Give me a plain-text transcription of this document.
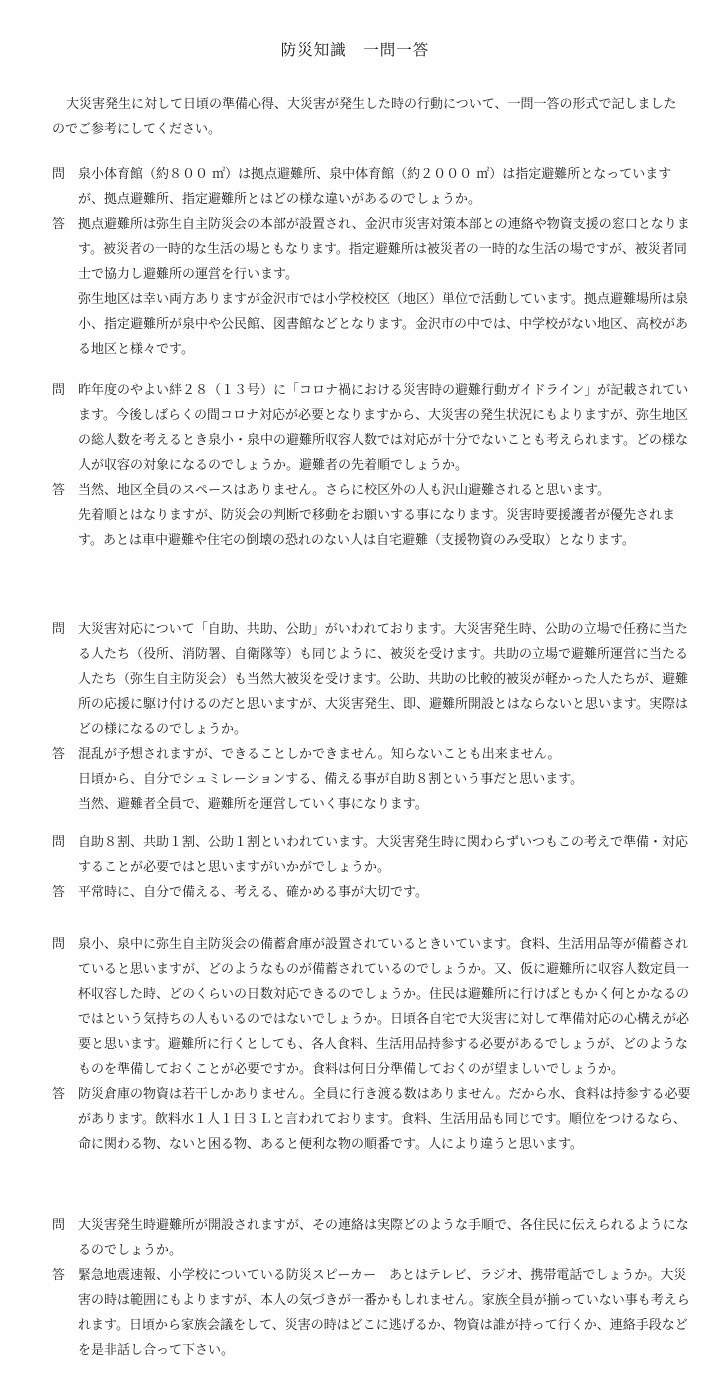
防災知識　一問一答
大災害発生に対して日頃の準備心得、大災害が発生した時の行動について、一問一答の形式で記しましたのでご参考にしてください。
問 泉小体育館（約８００ ㎡）は拠点避難所、泉中体育館（約２０００ ㎡）は指定避難所となっていますが、拠点避難所、指定避難所とはどの様な違いがあるのでしょうか。
答 拠点避難所は弥生自主防災会の本部が設置され、金沢市災害対策本部との連絡や物資支援の窓口となります。被災者の一時的な生活の場ともなります。指定避難所は被災者の一時的な生活の場ですが、被災者同士で協力し避難所の運営を行います。
弥生地区は幸い両方ありますが金沢市では小学校校区（地区）単位で活動しています。拠点避難場所は泉小、指定避難所が泉中や公民館、図書館などとなります。金沢市の中では、中学校がない地区、高校がある地区と様々です。
問 昨年度のやよい絆２８（１３号）に「コロナ禍における災害時の避難行動ガイドライン」が記載されています。今後しばらくの間コロナ対応が必要となりますから、大災害の発生状況にもよりますが、弥生地区の総人数を考えるとき泉小・泉中の避難所収容人数では対応が十分でないことも考えられます。どの様な人が収容の対象になるのでしょうか。避難者の先着順でしょうか。
答 当然、地区全員のスペースはありません。さらに校区外の人も沢山避難されると思います。
先着順とはなりますが、防災会の判断で移動をお願いする事になります。災害時要援護者が優先されます。あとは車中避難や住宅の倒壊の恐れのない人は自宅避難（支援物資のみ受取）となります。
問 大災害対応について「自助、共助、公助」がいわれております。大災害発生時、公助の立場で任務に当たる人たち（役所、消防署、自衛隊等）も同じように、被災を受けます。共助の立場で避難所運営に当たる人たち（弥生自主防災会）も当然大被災を受けます。公助、共助の比較的被災が軽かった人たちが、避難所の応援に駆け付けるのだと思いますが、大災害発生、即、避難所開設とはならないと思います。実際はどの様になるのでしょうか。
答 混乱が予想されますが、できることしかできません。知らないことも出来ません。
日頃から、自分でシュミレーションする、備える事が自助８割という事だと思います。
当然、避難者全員で、避難所を運営していく事になります。
問 自助８割、共助１割、公助１割といわれています。大災害発生時に関わらずいつもこの考えで準備・対応することが必要ではと思いますがいかがでしょうか。
答 平常時に、自分で備える、考える、確かめる事が大切です。
問 泉小、泉中に弥生自主防災会の備蓄倉庫が設置されているときいています。食料、生活用品等が備蓄されていると思いますが、どのようなものが備蓄されているのでしょうか。又、仮に避難所に収容人数定員一杯収容した時、どのくらいの日数対応できるのでしょうか。住民は避難所に行けばともかく何とかなるのではという気持ちの人もいるのではないでしょうか。日頃各自宅で大災害に対して準備対応の心構えが必要と思います。避難所に行くとしても、各人食料、生活用品持参する必要があるでしょうが、どのようなものを準備しておくことが必要ですか。食料は何日分準備しておくのが望ましいでしょうか。
答 防災倉庫の物資は若干しかありません。全員に行き渡る数はありません。だから水、食料は持参する必要があります。飲料水１人１日３Ｌと言われております。食料、生活用品も同じです。順位をつけるなら、命に関わる物、ないと困る物、あると便利な物の順番です。人により違うと思います。
問 大災害発生時避難所が開設されますが、その連絡は実際どのような手順で、各住民に伝えられるようになるのでしょうか。
答 緊急地震速報、小学校についている防災スピーカー　あとはテレビ、ラジオ、携帯電話でしょうか。大災害の時は範囲にもよりますが、本人の気づきが一番かもしれません。家族全員が揃っていない事も考えられます。日頃から家族会議をして、災害の時はどこに逃げるか、物資は誰が持って行くか、連絡手段などを是非話し合って下さい。
